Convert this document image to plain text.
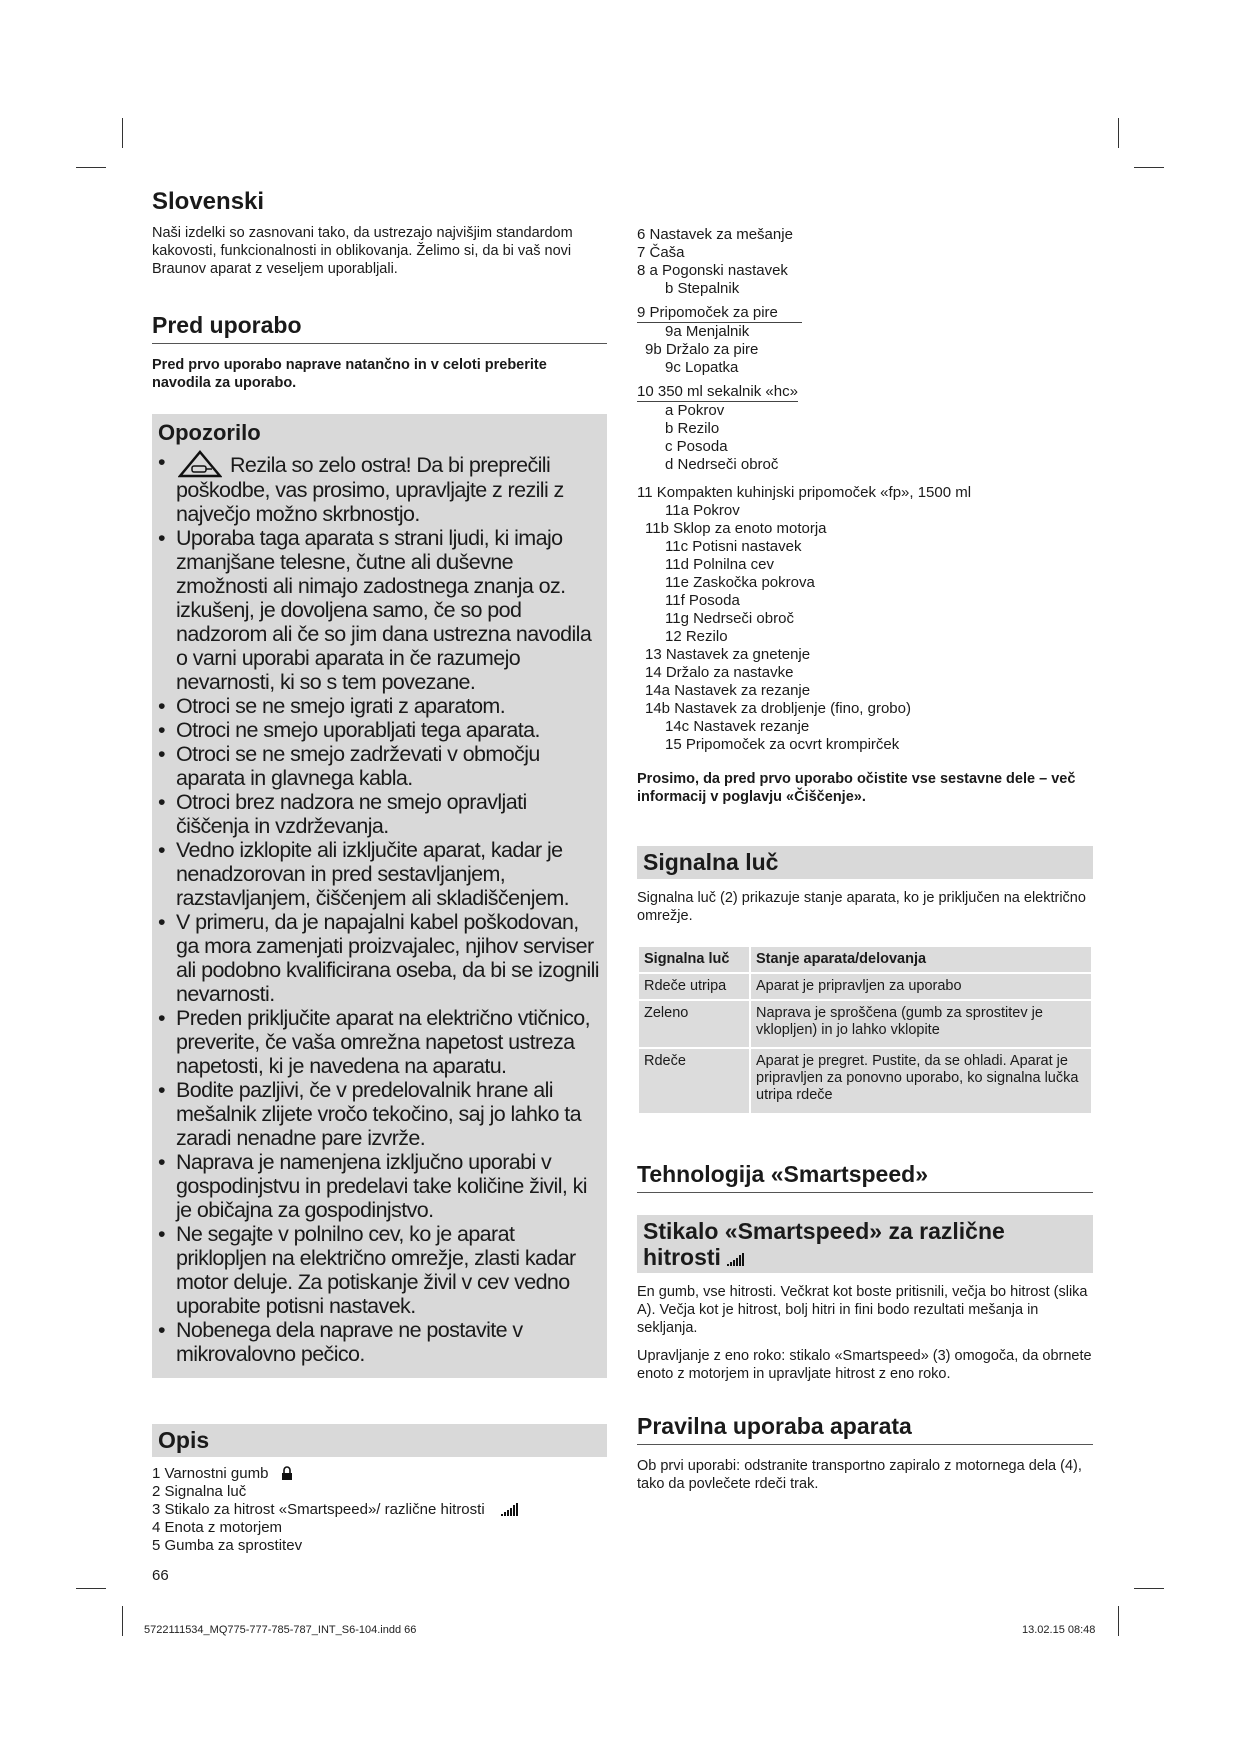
Slovenski

Naši izdelki so zasnovani tako, da ustrezajo najvišjim standardom kakovosti, funkcionalnosti in oblikovanja. Želimo si, da bi vaš novi Braunov aparat z veseljem uporabljali.

Pred uporabo

Pred prvo uporabo naprave natančno in v celoti preberite navodila za uporabo.

Opozorilo
• Rezila so zelo ostra! Da bi preprečili poškodbe, vas prosimo, upravljajte z rezili z največjo možno skrbnostjo.
• Uporaba taga aparata s strani ljudi, ki imajo zmanjšane telesne, čutne ali duševne zmožnosti ali nimajo zadostnega znanja oz. izkušenj, je dovoljena samo, če so pod nadzorom ali če so jim dana ustrezna navodila o varni uporabi aparata in če razumejo nevarnosti, ki so s tem povezane.
• Otroci se ne smejo igrati z aparatom.
• Otroci ne smejo uporabljati tega aparata.
• Otroci se ne smejo zadrževati v območju aparata in glavnega kabla.
• Otroci brez nadzora ne smejo opravljati čiščenja in vzdrževanja.
• Vedno izklopite ali izključite aparat, kadar je nenadzorovan in pred sestavljanjem, razstavljanjem, čiščenjem ali skladiščenjem.
• V primeru, da je napajalni kabel poškodovan, ga mora zamenjati proizvajalec, njihov serviser ali podobno kvalificirana oseba, da bi se izognili nevarnosti.
• Preden priključite aparat na električno vtičnico, preverite, če vaša omrežna napetost ustreza napetosti, ki je navedena na aparatu.
• Bodite pazljivi, če v predelovalnik hrane ali mešalnik zlijete vročo tekočino, saj jo lahko ta zaradi nenadne pare izvrže.
• Naprava je namenjena izključno uporabi v gospodinjstvu in predelavi take količine živil, ki je običajna za gospodinjstvo.
• Ne segajte v polnilno cev, ko je aparat priklopljen na električno omrežje, zlasti kadar motor deluje. Za potiskanje živil v cev vedno uporabite potisni nastavek.
• Nobenega dela naprave ne postavite v mikrovalovno pečico.
Opis
1 Varnostni gumb
2 Signalna luč
3 Stikalo za hitrost «Smartspeed»/ različne hitrosti
4 Enota z motorjem
5 Gumba za sprostitev
66
6 Nastavek za mešanje
7 Čaša
8 a Pogonski nastavek
b Stepalnik
9 Pripomoček za pire
9a Menjalnik
9b Držalo za pire
9c Lopatka
10 350 ml sekalnik «hc»
a Pokrov
b Rezilo
c Posoda
d Nedrseči obroč
11 Kompakten kuhinjski pripomoček «fp», 1500 ml
11a Pokrov
11b Sklop za enoto motorja
11c Potisni nastavek
11d Polnilna cev
11e Zaskočka pokrova
11f Posoda
11g Nedrseči obroč
12 Rezilo
13 Nastavek za gnetenje
14 Držalo za nastavke
14a Nastavek za rezanje
14b Nastavek za drobljenje (fino, grobo)
14c Nastavek rezanje
15 Pripomoček za ocvrt krompirček

Prosimo, da pred prvo uporabo očistite vse sestavne dele – več informacij v poglavju «Čiščenje».

Signalna luč

Signalna luč (2) prikazuje stanje aparata, ko je priključen na električno omrežje.

Signalna luč	Stanje aparata/delovanja
Rdeče utripa	Aparat je pripravljen za uporabo
Zeleno	Naprava je sproščena (gumb za sprostitev je vklopljen) in jo lahko vklopite
Rdeče	Aparat je pregret. Pustite, da se ohladi. Aparat je pripravljen za ponovno uporabo, ko signalna lučka utripa rdeče
Tehnologija «Smartspeed»
Stikalo «Smartspeed» za različne hitrosti

En gumb, vse hitrosti. Večkrat kot boste pritisnili, večja bo hitrost (slika A). Večja kot je hitrost, bolj hitri in fini bodo rezultati mešanja in sekljanja.

Upravljanje z eno roko: stikalo «Smartspeed» (3) omogoča, da obrnete enoto z motorjem in upravljate hitrost z eno roko.

Pravilna uporaba aparata

Ob prvi uporabi: odstranite transportno zapiralo z motornega dela (4), tako da povlečete rdeči trak.

5722111534_MQ775-777-785-787_INT_S6-104.indd 66	13.02.15 08:48
